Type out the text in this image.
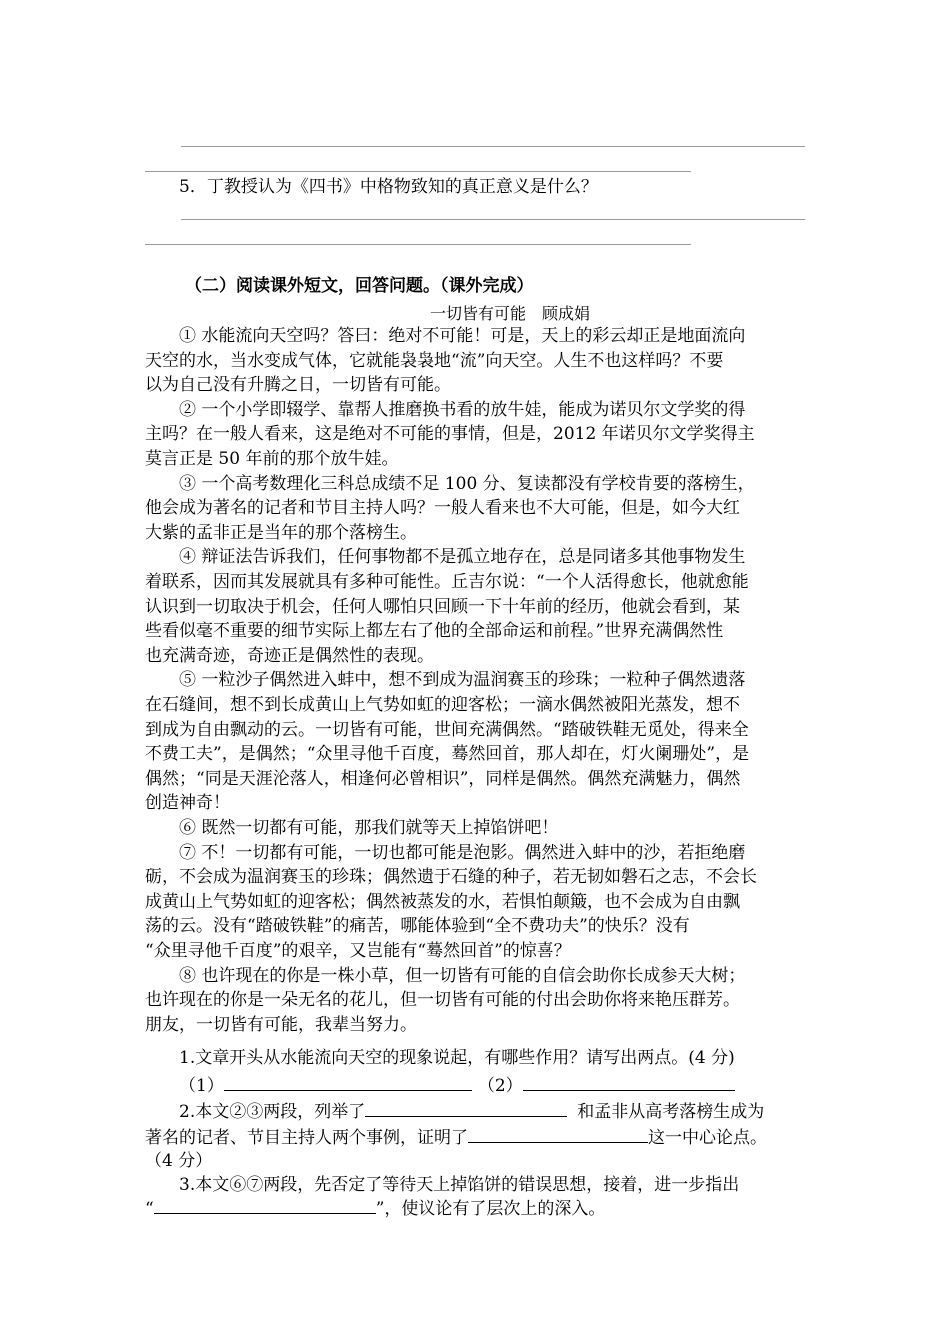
5．丁教授认为《四书》中格物致知的真正意义是什么？
（二）阅读课外短文，回答问题。（课外完成）
一切皆有可能　顾成娟
① 水能流向天空吗？答曰：绝对不可能！可是，天上的彩云却正是地面流向
天空的水，当水变成气体，它就能袅袅地“流”向天空。人生不也这样吗？不要
以为自己没有升腾之日，一切皆有可能。
② 一个小学即辍学、靠帮人推磨换书看的放牛娃，能成为诺贝尔文学奖的得
主吗？在一般人看来，这是绝对不可能的事情，但是，2012 年诺贝尔文学奖得主
莫言正是 50 年前的那个放牛娃。
③ 一个高考数理化三科总成绩不足 100 分、复读都没有学校肯要的落榜生，
他会成为著名的记者和节目主持人吗？一般人看来也不大可能，但是，如今大红
大紫的孟非正是当年的那个落榜生。
④ 辩证法告诉我们，任何事物都不是孤立地存在，总是同诸多其他事物发生
着联系，因而其发展就具有多种可能性。丘吉尔说：“一个人活得愈长，他就愈能
认识到一切取决于机会，任何人哪怕只回顾一下十年前的经历，他就会看到，某
些看似毫不重要的细节实际上都左右了他的全部命运和前程。”世界充满偶然性
也充满奇迹，奇迹正是偶然性的表现。
⑤ 一粒沙子偶然进入蚌中，想不到成为温润赛玉的珍珠；一粒种子偶然遗落
在石缝间，想不到长成黄山上气势如虹的迎客松；一滴水偶然被阳光蒸发，想不
到成为自由飘动的云。一切皆有可能，世间充满偶然。“踏破铁鞋无觅处，得来全
不费工夫”，是偶然；“众里寻他千百度，蓦然回首，那人却在，灯火阑珊处”，是
偶然；“同是天涯沦落人，相逢何必曾相识”，同样是偶然。偶然充满魅力，偶然
创造神奇！
⑥ 既然一切都有可能，那我们就等天上掉馅饼吧！
⑦ 不！一切都有可能，一切也都可能是泡影。偶然进入蚌中的沙，若拒绝磨
砺，不会成为温润赛玉的珍珠；偶然遗于石缝的种子，若无韧如磐石之志，不会长
成黄山上气势如虹的迎客松；偶然被蒸发的水，若惧怕颠簸，也不会成为自由飘
荡的云。没有“踏破铁鞋”的痛苦，哪能体验到“全不费功夫”的快乐？没有
“众里寻他千百度”的艰辛，又岂能有“蓦然回首”的惊喜？
⑧ 也许现在的你是一株小草，但一切皆有可能的自信会助你长成参天大树；
也许现在的你是一朵无名的花儿，但一切皆有可能的付出会助你将来艳压群芳。
朋友，一切皆有可能，我辈当努力。
1.文章开头从水能流向天空的现象说起，有哪些作用？请写出两点。(4 分)
（1）	（2）
2.本文②③两段，列举了	和孟非从高考落榜生成为
著名的记者、节目主持人两个事例，证明了	这一中心论点。
（4 分）
3.本文⑥⑦两段，先否定了等待天上掉馅饼的错误思想，接着，进一步指出
“	”，使议论有了层次上的深入。
